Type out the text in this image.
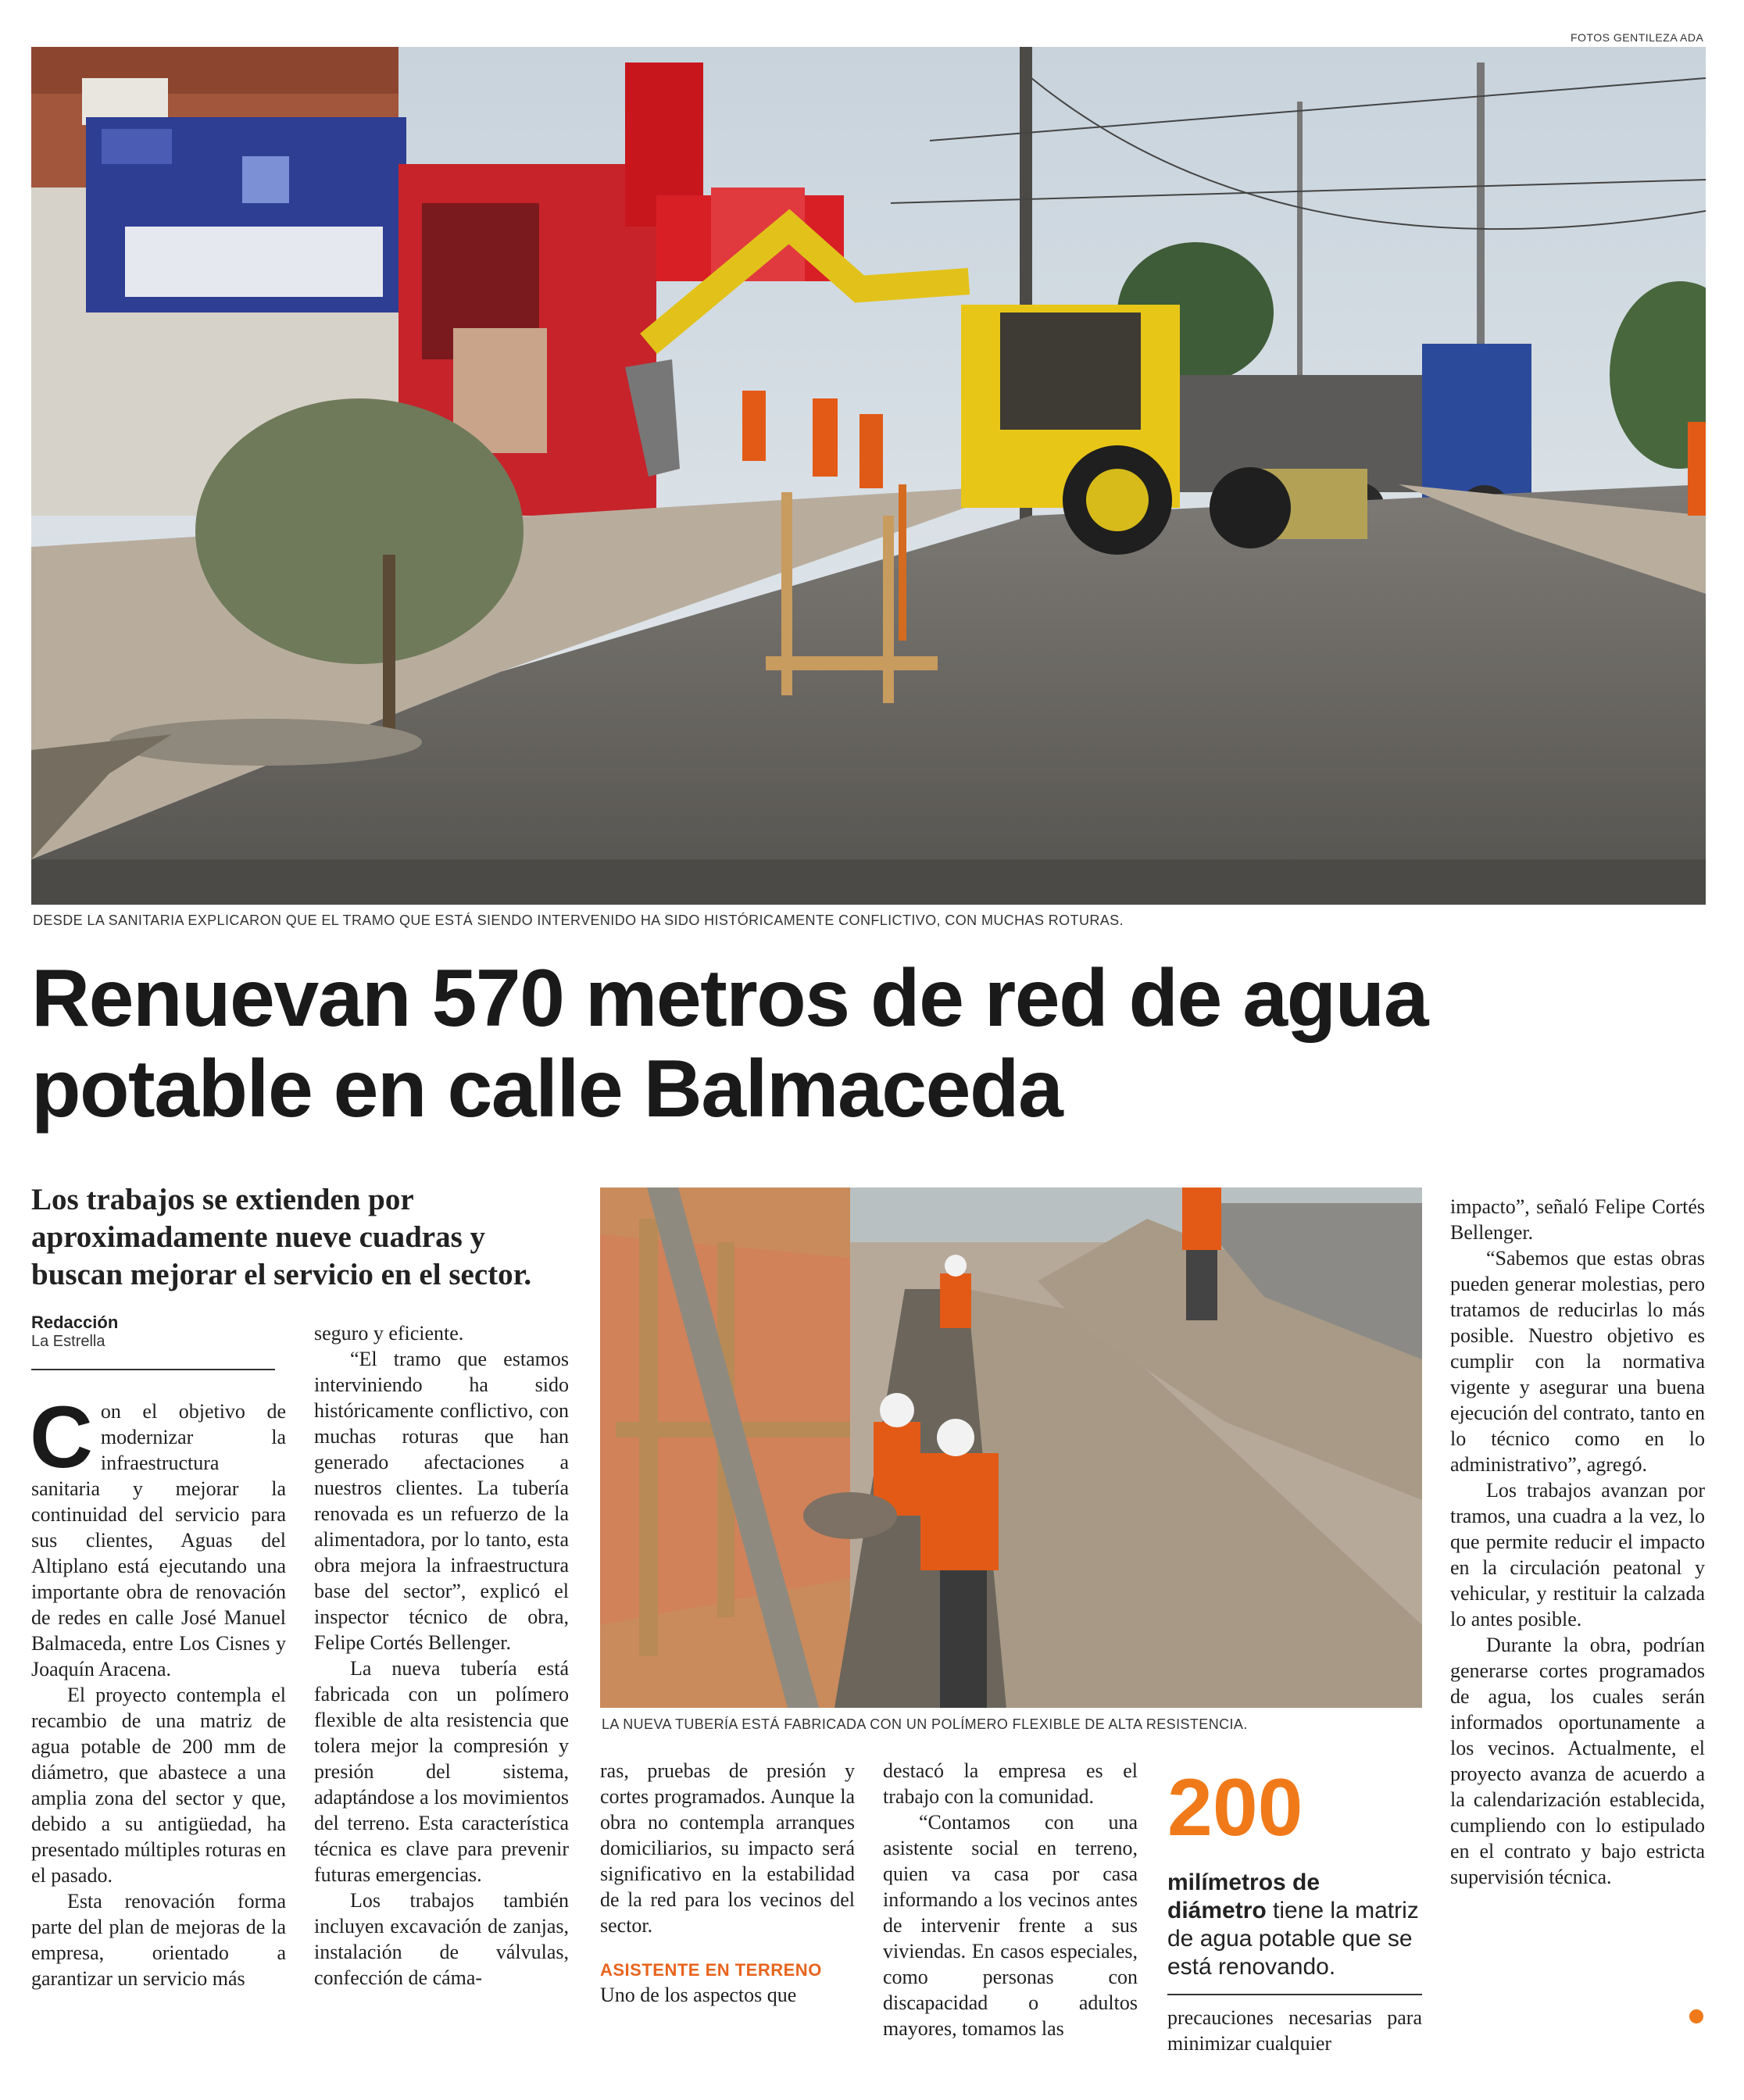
FOTOS GENTILEZA ADA
DESDE LA SANITARIA EXPLICARON QUE EL TRAMO QUE ESTÁ SIENDO INTERVENIDO HA SIDO HISTÓRICAMENTE CONFLICTIVO, CON MUCHAS ROTURAS.
Renuevan 570 metros de red de agua
potable en calle Balmaceda
Los trabajos se extienden por
aproximadamente nueve cuadras y
buscan mejorar el servicio en el sector.
Redacción
La Estrella
LA NUEVA TUBERÍA ESTÁ FABRICADA CON UN POLÍMERO FLEXIBLE DE ALTA RESISTENCIA.

Con el objetivo de modernizar la infraestructura sanitaria y mejorar la continuidad del servicio para sus clientes, Aguas del Altiplano está ejecutando una importante obra de renovación de redes en calle José Manuel Balmaceda, entre Los Cisnes y Joaquín Aracena.

El proyecto contempla el recambio de una matriz de agua potable de 200 mm de diámetro, que abastece a una amplia zona del sector y que, debido a su antigüedad, ha presentado múltiples roturas en el pasado.

Esta renovación forma parte del plan de mejoras de la empresa, orientado a garantizar un servicio más

seguro y eficiente.

“El tramo que estamos interviniendo ha sido históricamente conflictivo, con muchas roturas que han generado afectaciones a nuestros clientes. La tubería renovada es un refuerzo de la alimentadora, por lo tanto, esta obra mejora la infraestructura base del sector”, explicó el inspector técnico de obra, Felipe Cortés Bellenger.

La nueva tubería está fabricada con un polímero flexible de alta resistencia que tolera mejor la compresión y presión del sistema, adaptándose a los movimientos del terreno. Esta característica técnica es clave para prevenir futuras emergencias.

Los trabajos también incluyen excavación de zanjas, instalación de válvulas, confección de cáma-

ras, pruebas de presión y cortes programados. Aunque la obra no contempla arranques domiciliarios, su impacto será significativo en la estabilidad de la red para los vecinos del sector.

ASISTENTE EN TERRENO

Uno de los aspectos que

destacó la empresa es el trabajo con la comunidad.

“Contamos con una asistente social en terreno, quien va casa por casa informando a los vecinos antes de intervenir frente a sus viviendas. En casos especiales, como personas con discapacidad o adultos mayores, tomamos las

200
milímetros de diámetro tiene la matriz de agua potable que se está renovando.

precauciones necesarias para minimizar cualquier

impacto”, señaló Felipe Cortés Bellenger.

“Sabemos que estas obras pueden generar molestias, pero tratamos de reducirlas lo más posible. Nuestro objetivo es cumplir con la normativa vigente y asegurar una buena ejecución del contrato, tanto en lo técnico como en lo administrativo”, agregó.

Los trabajos avanzan por tramos, una cuadra a la vez, lo que permite reducir el impacto en la circulación peatonal y vehicular, y restituir la calzada lo antes posible.

Durante la obra, podrían generarse cortes programados de agua, los cuales serán informados oportunamente a los vecinos. Actualmente, el proyecto avanza de acuerdo a la calendarización establecida, cumpliendo con lo estipulado en el contrato y bajo estricta supervisión técnica.
